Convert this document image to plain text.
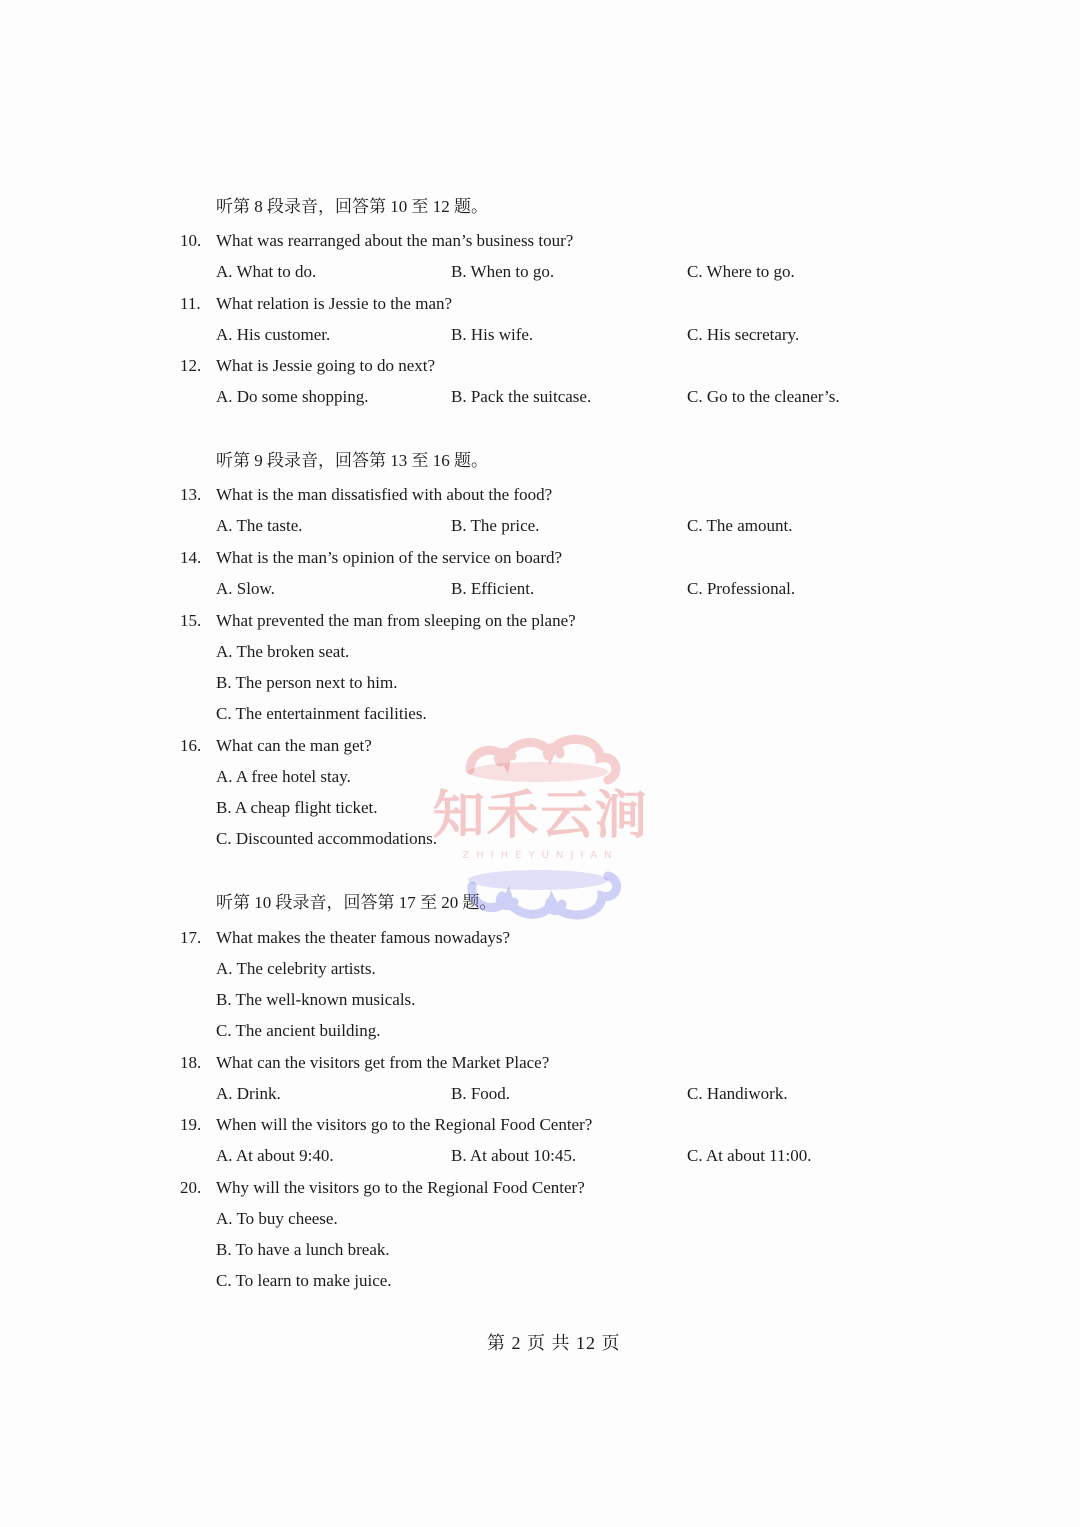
听第 8 段录音，回答第 10 至 12 题。
10. What was rearranged about the man’s business tour?
A. What to do.	B. When to go.	C. Where to go.
11. What relation is Jessie to the man?
A. His customer.	B. His wife.	C. His secretary.
12. What is Jessie going to do next?
A. Do some shopping.	B. Pack the suitcase.	C. Go to the cleaner’s.
听第 9 段录音，回答第 13 至 16 题。
13. What is the man dissatisfied with about the food?
A. The taste.	B. The price.	C. The amount.
14. What is the man’s opinion of the service on board?
A. Slow.	B. Efficient.	C. Professional.
15. What prevented the man from sleeping on the plane?
A. The broken seat.
B. The person next to him.
C. The entertainment facilities.
16. What can the man get?
A. A free hotel stay.
B. A cheap flight ticket.
C. Discounted accommodations.
听第 10 段录音，回答第 17 至 20 题。
17. What makes the theater famous nowadays?
A. The celebrity artists.
B. The well-known musicals.
C. The ancient building.
18. What can the visitors get from the Market Place?
A. Drink.	B. Food.	C. Handiwork.
19. When will the visitors go to the Regional Food Center?
A. At about 9:40.	B. At about 10:45.	C. At about 11:00.
20. Why will the visitors go to the Regional Food Center?
A. To buy cheese.
B. To have a lunch break.
C. To learn to make juice.
第 2 页 共 12 页
知禾云涧
ZHIHEYUNJIAN
